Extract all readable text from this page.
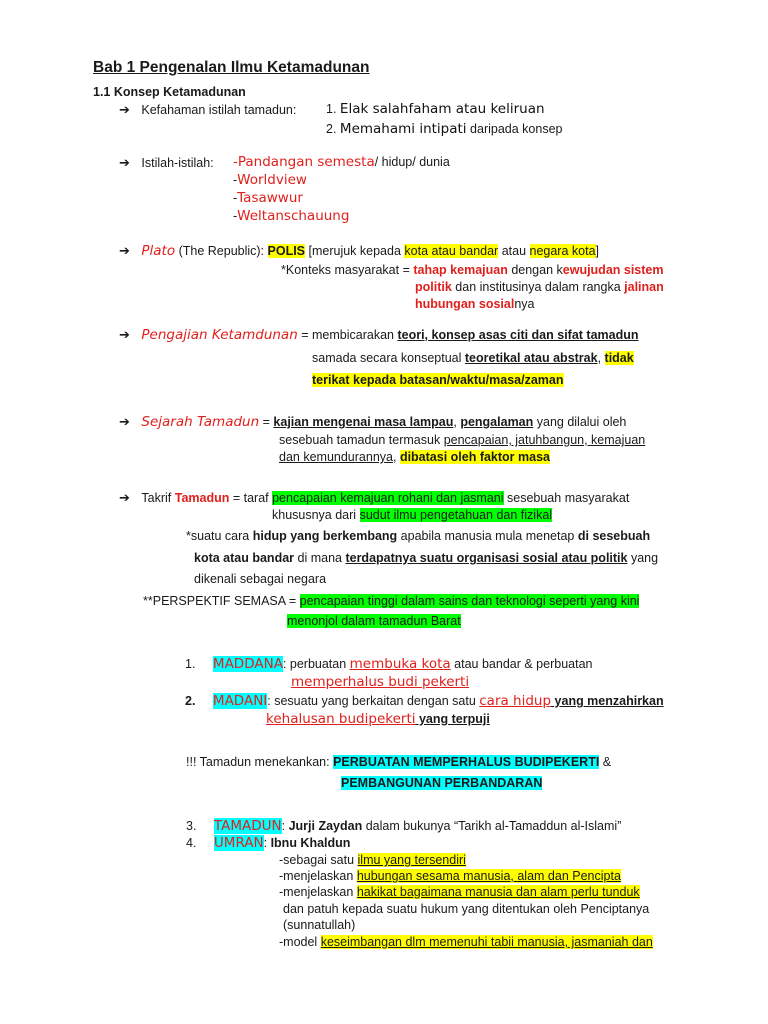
Bab 1 Pengenalan Ilmu Ketamadunan
1.1 Konsep Ketamadunan
➔ Kefahaman istilah tamadun: 1. Elak salahfaham atau keliruan
2. Memahami intipati daripada konsep
➔ Istilah-istilah: -Pandangan semesta/ hidup/ dunia
-Worldview
-Tasawwur
-Weltanschauung
➔ Plato (The Republic): POLIS [merujuk kepada kota atau bandar atau negara kota]
*Konteks masyarakat = tahap kemajuan dengan kewujudan sistem
politik dan institusinya dalam rangka jalinan
hubungan sosialnya
➔ Pengajian Ketamdunan = membicarakan teori, konsep asas citi dan sifat tamadun
samada secara konseptual teoretikal atau abstrak, tidak
terikat kepada batasan/waktu/masa/zaman
➔ Sejarah Tamadun = kajian mengenai masa lampau, pengalaman yang dilalui oleh
sesebuah tamadun termasuk pencapaian, jatuhbangun, kemajuan
dan kemundurannya, dibatasi oleh faktor masa
➔ Takrif Tamadun = taraf pencapaian kemajuan rohani dan jasmani sesebuah masyarakat
khususnya dari sudut ilmu pengetahuan dan fizikal
*suatu cara hidup yang berkembang apabila manusia mula menetap di sesebuah
kota atau bandar di mana terdapatnya suatu organisasi sosial atau politik yang
dikenali sebagai negara
**PERSPEKTIF SEMASA = pencapaian tinggi dalam sains dan teknologi seperti yang kini
menonjol dalam tamadun Barat
1. MADDANA: perbuatan membuka kota atau bandar & perbuatan
memperhalus budi pekerti
2. MADANI: sesuatu yang berkaitan dengan satu cara hidup yang menzahirkan
kehalusan budipekerti yang terpuji
!!! Tamadun menekankan: PERBUATAN MEMPERHALUS BUDIPEKERTI &
PEMBANGUNAN PERBANDARAN
3. TAMADUN: Jurji Zaydan dalam bukunya “Tarikh al-Tamaddun al-Islami”
4. UMRAN: Ibnu Khaldun
-sebagai satu ilmu yang tersendiri
-menjelaskan hubungan sesama manusia, alam dan Pencipta
-menjelaskan hakikat bagaimana manusia dan alam perlu tunduk
dan patuh kepada suatu hukum yang ditentukan oleh Penciptanya
(sunnatullah)
-model keseimbangan dlm memenuhi tabii manusia, jasmaniah dan
